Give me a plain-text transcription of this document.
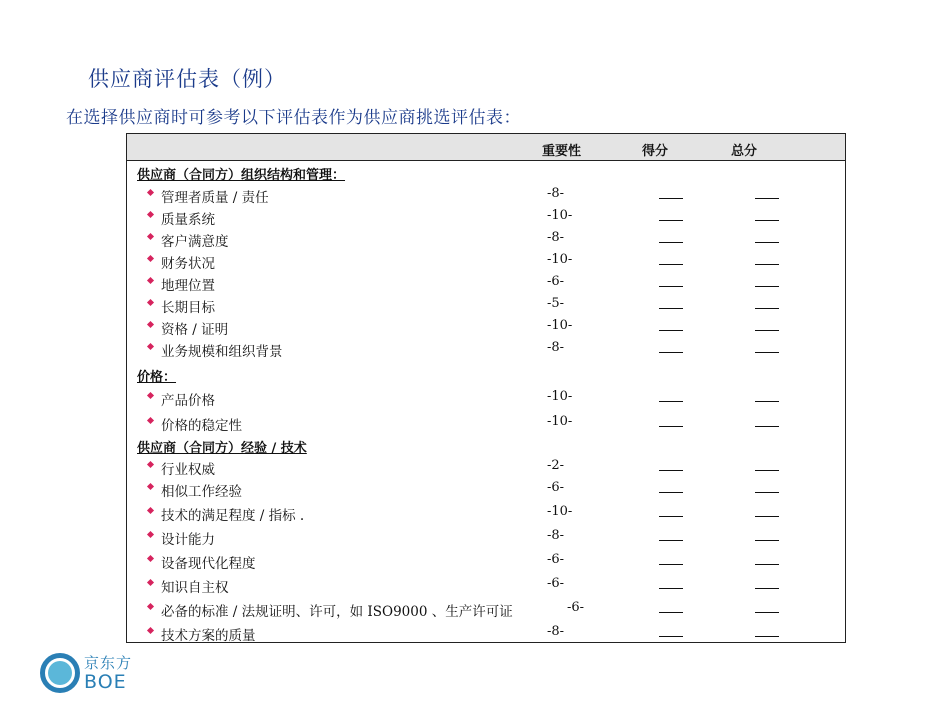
供应商评估表（例）
在选择供应商时可参考以下评估表作为供应商挑选评估表：
重要性	得分	总分
供应商（合同方）组织结构和管理：
管理者质量 / 责任	-8-
质量系统	-10-
客户满意度	-8-
财务状况	-10-
地理位置	-6-
长期目标	-5-
资格 / 证明	-10-
业务规模和组织背景	-8-
价格：
产品价格	-10-
价格的稳定性	-10-
供应商（合同方）经验 / 技术
行业权威	-2-
相似工作经验	-6-
技术的满足程度 / 指标 .	-10-
设计能力	-8-
设备现代化程度	-6-
知识自主权	-6-
必备的标准 / 法规证明、许可，如 ISO9000 、生产许可证	-6-
技术方案的质量	-8-
京东方
BOE
